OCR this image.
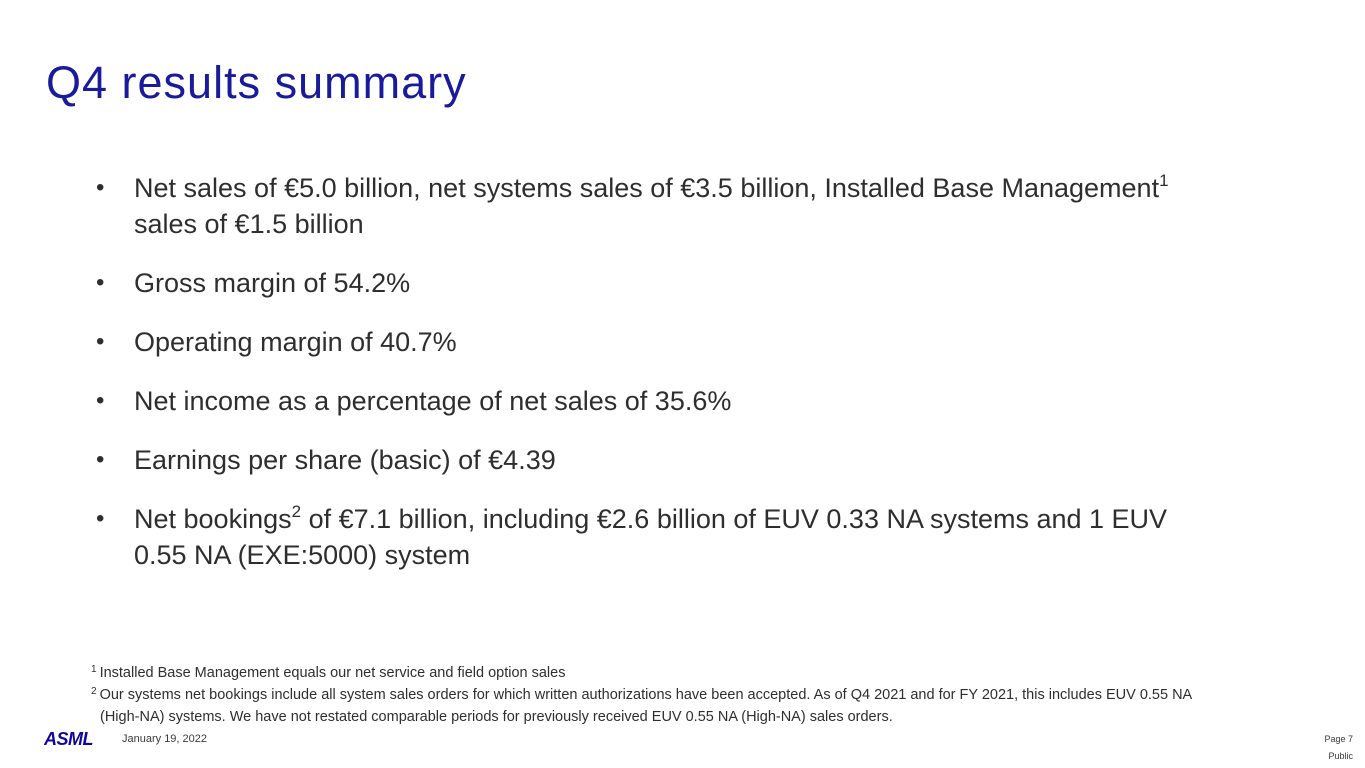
Q4 results summary
• Net sales of €5.0 billion, net systems sales of €3.5 billion, Installed Base Management$^1$ sales of €1.5 billion
• Gross margin of 54.2%
• Operating margin of 40.7%
• Net income as a percentage of net sales of 35.6%
• Earnings per share (basic) of €4.39
• Net bookings$^2$ of €7.1 billion, including €2.6 billion of EUV 0.33 NA systems and 1 EUV 0.55 NA (EXE:5000) system

$^1$ Installed Base Management equals our net service and field option sales

$^2$ Our systems net bookings include all system sales orders for which written authorizations have been accepted. As of Q4 2021 and for FY 2021, this includes EUV 0.55 NA
(High-NA) systems. We have not restated comparable periods for previously received EUV 0.55 NA (High-NA) sales orders.

ASML	January 19, 2022	Page 7
Public
